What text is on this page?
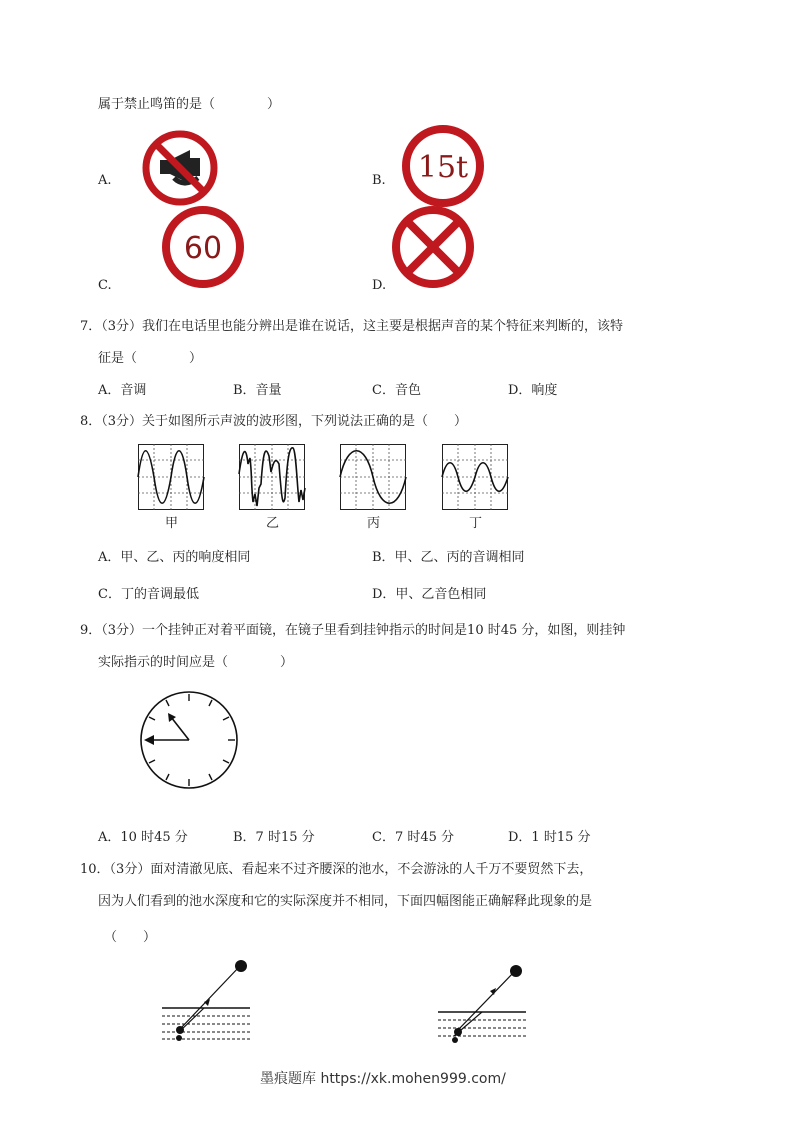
属于禁止鸣笛的是（　　　　）
A.	B. 15t
C.
60
D.
7．（3分）我们在电话里也能分辨出是谁在说话，这主要是根据声音的某个特征来判断的，该特
征是（　　　　）
A．音调	B．音量	C．音色	D．响度
8．（3分）关于如图所示声波的波形图，下列说法正确的是（　　）
甲	乙	丙	丁
A．甲、乙、丙的响度相同	B．甲、乙、丙的音调相同
C．丁的音调最低	D．甲、乙音色相同
9．（3分）一个挂钟正对着平面镜，在镜子里看到挂钟指示的时间是10 时45 分，如图，则挂钟
实际指示的时间应是（　　　　）
A．10 时45 分	B．7 时15 分	C．7 时45 分	D．1 时15 分
10．（3分）面对清澈见底、看起来不过齐腰深的池水，不会游泳的人千万不要贸然下去，
因为人们看到的池水深度和它的实际深度并不相同，下面四幅图能正确解释此现象的是
（　　）
墨痕题库 https://xk.mohen999.com/
